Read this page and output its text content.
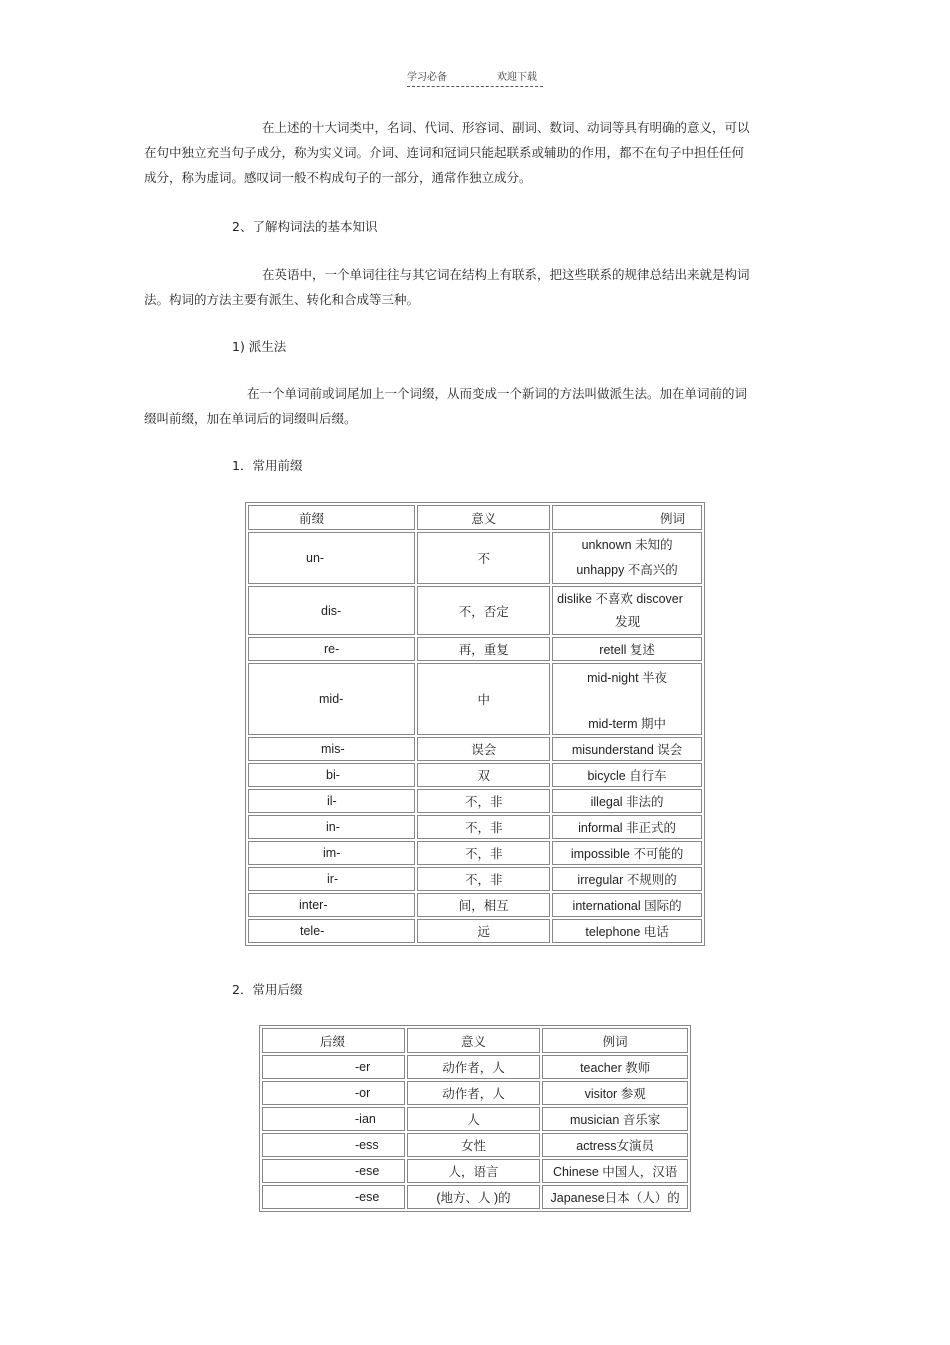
学习必备	欢迎下载

在上述的十大词类中，名词、代词、形容词、副词、数词、动词等具有明确的意义，可以在句中独立充当句子成分，称为实义词。介词、连词和冠词只能起联系或辅助的作用，都不在句子中担任任何成分，称为虚词。感叹词一般不构成句子的一部分，通常作独立成分。

2、了解构词法的基本知识

在英语中，一个单词往往与其它词在结构上有联系，把这些联系的规律总结出来就是构词法。构词的方法主要有派生、转化和合成等三种。

1) 派生法

在一个单词前或词尾加上一个词缀，从而变成一个新词的方法叫做派生法。加在单词前的词缀叫前缀，加在单词后的词缀叫后缀。

1．常用前缀

前缀	意义	例词
un-	不	unknown 未知的
unhappy 不高兴的

dis-	不，否定	dislike 不喜欢 discover
发现

re-	再，重复	retell 复述
mid-	中	mid-night 半夜
mid-term 期中

mis-	误会	misunderstand 误会
bi-	双	bicycle 自行车
il-	不，非	illegal 非法的
in-	不，非	informal 非正式的
im-	不，非	impossible 不可能的
ir-	不，非	irregular 不规则的
inter-	间，相互	international 国际的
tele-	远	telephone 电话

2．常用后缀

后缀	意义	例词
-er	动作者，人	teacher 教师
-or	动作者，人	visitor 参观
-ian	人	musician 音乐家
-ess	女性	actress女演员
-ese	人，语言	Chinese 中国人，汉语
-ese	(地方、人 )的	Japanese日本（人）的
